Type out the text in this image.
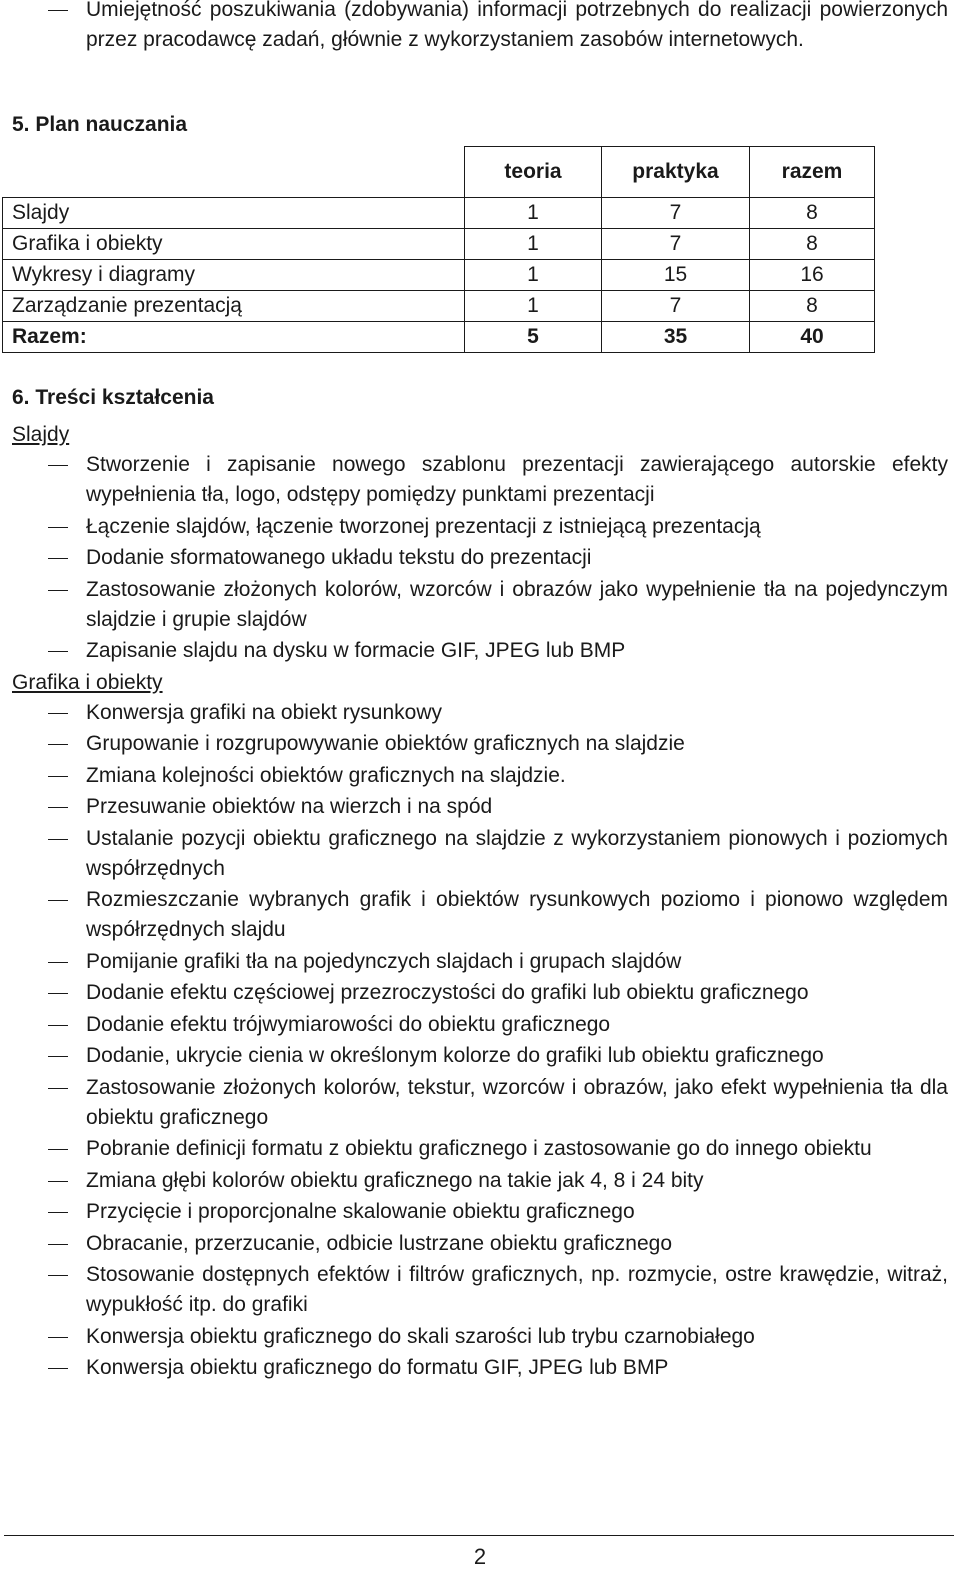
Umiejętność poszukiwania (zdobywania) informacji potrzebnych do realizacji powierzonych przez pracodawcę zadań, głównie z wykorzystaniem zasobów internetowych.
5. Plan nauczania
	teoria	praktyka	razem
Slajdy	1	7	8
Grafika i obiekty	1	7	8
Wykresy i diagramy	1	15	16
Zarządzanie prezentacją	1	7	8
Razem:	5	35	40
6. Treści kształcenia
Slajdy
Stworzenie i zapisanie nowego szablonu prezentacji zawierającego autorskie efekty wypełnienia tła, logo, odstępy pomiędzy punktami prezentacji
Łączenie slajdów, łączenie tworzonej prezentacji z istniejącą prezentacją
Dodanie sformatowanego układu tekstu do prezentacji
Zastosowanie złożonych kolorów, wzorców i obrazów jako wypełnienie tła na pojedynczym slajdzie i grupie slajdów
Zapisanie slajdu na dysku w formacie GIF, JPEG lub BMP
Grafika i obiekty
Konwersja grafiki na obiekt rysunkowy
Grupowanie i rozgrupowywanie obiektów graficznych na slajdzie
Zmiana kolejności obiektów graficznych na slajdzie.
Przesuwanie obiektów na wierzch i na spód
Ustalanie pozycji obiektu graficznego na slajdzie z wykorzystaniem pionowych i poziomych współrzędnych
Rozmieszczanie wybranych grafik i obiektów rysunkowych poziomo i pionowo względem współrzędnych slajdu
Pomijanie grafiki tła na pojedynczych slajdach i grupach slajdów
Dodanie efektu częściowej przezroczystości do grafiki lub obiektu graficznego
Dodanie efektu trójwymiarowości do obiektu graficznego
Dodanie, ukrycie cienia w określonym kolorze do grafiki lub obiektu graficznego
Zastosowanie złożonych kolorów, tekstur, wzorców i obrazów, jako efekt wypełnienia tła dla obiektu graficznego
Pobranie definicji formatu z obiektu graficznego i zastosowanie go do innego obiektu
Zmiana głębi kolorów obiektu graficznego na takie jak 4, 8 i 24 bity
Przycięcie i proporcjonalne skalowanie obiektu graficznego
Obracanie, przerzucanie, odbicie lustrzane obiektu graficznego
Stosowanie dostępnych efektów i filtrów graficznych, np. rozmycie, ostre krawędzie, witraż, wypukłość itp. do grafiki
Konwersja obiektu graficznego do skali szarości lub trybu czarnobiałego
Konwersja obiektu graficznego do formatu GIF, JPEG lub BMP
2
